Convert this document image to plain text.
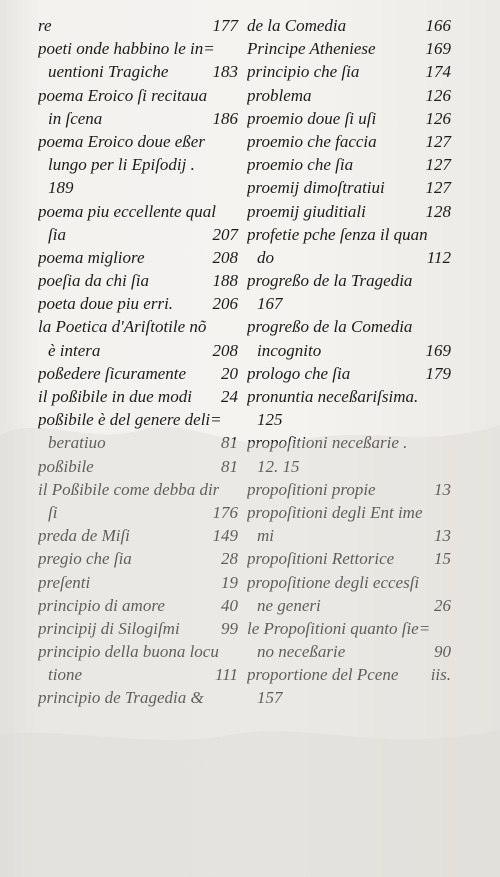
re	177
poeti onde habbino le in=
uentioni Tragiche	183
poema Eroico ſi recitaua
in ſcena	186
poema Eroico doue eßer
lungo per li Epiſodij .
189
poema piu eccellente qual
ſia	207
poema migliore	208
poeſia da chi ſia	188
poeta doue piu erri. 206
la Poetica d'Ariſtotile nõ
è intera	208
poßedere ſicuramente 20
il poßibile in due modi 24
poßibile è del genere deli=
beratiuo	81
poßibile	81
il Poßibile come debba dir
ſi	176
preda de Miſi	149
pregio che ſia	28
preſenti	19
principio di amore	40
principij di Silogiſmi 99
principio della buona locu
tione	111
principio de Tragedia &
de la Comedia	166
Principe Atheniese	169
principio che ſia	174
problema	126
proemio doue ſi uſi	126
proemio che faccia	127
proemio che ſia	127
proemij dimoſtratiui 127
proemij giuditiali	128
profetie pche ſenza il quan
do	112
progreßo de la Tragedia
167
progreßo de la Comedia
incognito	169
prologo che ſia	179
pronuntia neceßariſsima.
125
propoſitioni neceßarie .
12. 15
propoſitioni propie	13
propoſitioni degli Ent ime
mi	13
propoſitioni Rettorice 15
propoſitione degli eccesſi
ne generi	26
le Propoſitioni quanto ſie=
no neceßarie	90
proportione del Pcene iis.
157
